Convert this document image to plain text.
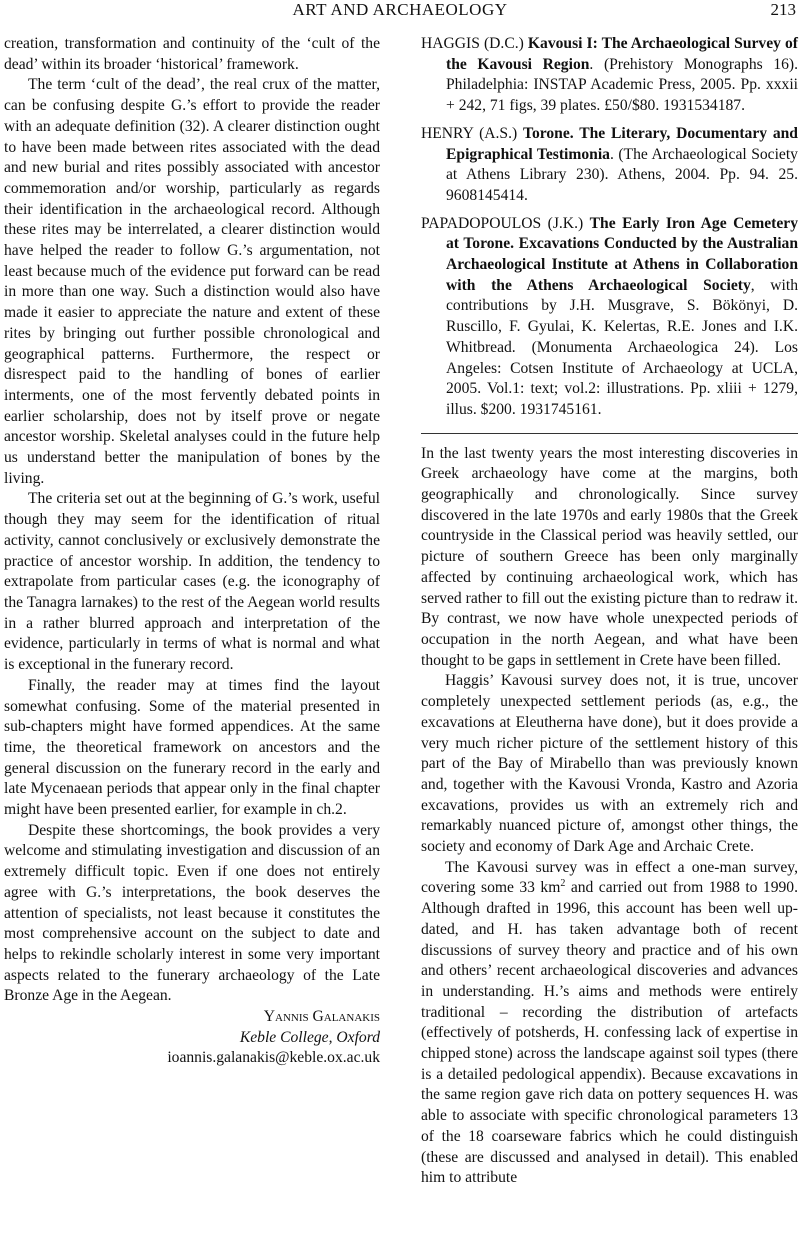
ART AND ARCHAEOLOGY	213

creation, transformation and continuity of the ‘cult of the dead’ within its broader ‘historical’ framework.

The term ‘cult of the dead’, the real crux of the matter, can be confusing despite G.’s effort to provide the reader with an adequate definition (32). A clearer distinction ought to have been made between rites associated with the dead and new burial and rites possibly associated with ancestor commemoration and/or worship, particularly as regards their identification in the archaeological record. Although these rites may be interrelated, a clearer distinction would have helped the reader to follow G.’s argumentation, not least because much of the evidence put forward can be read in more than one way. Such a distinction would also have made it easier to appreciate the nature and extent of these rites by bringing out further possible chronological and geographical patterns. Furthermore, the respect or disrespect paid to the handling of bones of earlier interments, one of the most fervently debated points in earlier scholarship, does not by itself prove or negate ancestor worship. Skeletal analyses could in the future help us understand better the manipulation of bones by the living.

The criteria set out at the beginning of G.’s work, useful though they may seem for the identification of ritual activity, cannot conclusively or exclusively demonstrate the practice of ancestor worship. In addition, the tendency to extrapolate from particular cases (e.g. the iconography of the Tanagra larnakes) to the rest of the Aegean world results in a rather blurred approach and interpretation of the evidence, particularly in terms of what is normal and what is exceptional in the funerary record.

Finally, the reader may at times find the layout somewhat confusing. Some of the material presented in sub-chapters might have formed appendices. At the same time, the theoretical framework on ancestors and the general discussion on the funerary record in the early and late Mycenaean periods that appear only in the final chapter might have been presented earlier, for example in ch.2.

Despite these shortcomings, the book provides a very welcome and stimulating investigation and discussion of an extremely difficult topic. Even if one does not entirely agree with G.’s interpretations, the book deserves the attention of specialists, not least because it constitutes the most comprehensive account on the subject to date and helps to rekindle scholarly interest in some very important aspects related to the funerary archaeology of the Late Bronze Age in the Aegean.

Yannis Galanakis

Keble College, Oxford

ioannis.galanakis@keble.ox.ac.uk

HAGGIS (D.C.) Kavousi I: The Archaeological Survey of the Kavousi Region. (Prehistory Monographs 16). Philadelphia: INSTAP Academic Press, 2005. Pp. xxxii + 242, 71 figs, 39 plates. £50/$80. 1931534187.

HENRY (A.S.) Torone. The Literary, Documentary and Epigraphical Testimonia. (The Archaeological Society at Athens Library 230). Athens, 2004. Pp. 94. 25. 9608145414.

PAPADOPOULOS (J.K.) The Early Iron Age Cemetery at Torone. Excavations Conducted by the Australian Archaeological Institute at Athens in Collaboration with the Athens Archaeological Society, with contributions by J.H. Musgrave, S. Bökönyi, D. Ruscillo, F. Gyulai, K. Kelertas, R.E. Jones and I.K. Whitbread. (Monumenta Archaeologica 24). Los Angeles: Cotsen Institute of Archaeology at UCLA, 2005. Vol.1: text; vol.2: illustrations. Pp. xliii + 1279, illus. $200. 1931745161.

In the last twenty years the most interesting discoveries in Greek archaeology have come at the margins, both geographically and chronologically. Since survey discovered in the late 1970s and early 1980s that the Greek countryside in the Classical period was heavily settled, our picture of southern Greece has been only marginally affected by continuing archaeological work, which has served rather to fill out the existing picture than to redraw it. By contrast, we now have whole unexpected periods of occupation in the north Aegean, and what have been thought to be gaps in settlement in Crete have been filled.

Haggis’ Kavousi survey does not, it is true, uncover completely unexpected settlement periods (as, e.g., the excavations at Eleutherna have done), but it does provide a very much richer picture of the settlement history of this part of the Bay of Mirabello than was previously known and, together with the Kavousi Vronda, Kastro and Azoria excavations, provides us with an extremely rich and remarkably nuanced picture of, amongst other things, the society and economy of Dark Age and Archaic Crete.

The Kavousi survey was in effect a one-man survey, covering some 33 $km^2$ and carried out from 1988 to 1990. Although drafted in 1996, this account has been well up-dated, and H. has taken advantage both of recent discussions of survey theory and practice and of his own and others’ recent archaeological discoveries and advances in understanding. H.’s aims and methods were entirely traditional – recording the distribution of artefacts (effectively of potsherds, H. confessing lack of expertise in chipped stone) across the landscape against soil types (there is a detailed pedological appendix). Because excavations in the same region gave rich data on pottery sequences H. was able to associate with specific chronological parameters 13 of the 18 coarseware fabrics which he could distinguish (these are discussed and analysed in detail). This enabled him to attribute
